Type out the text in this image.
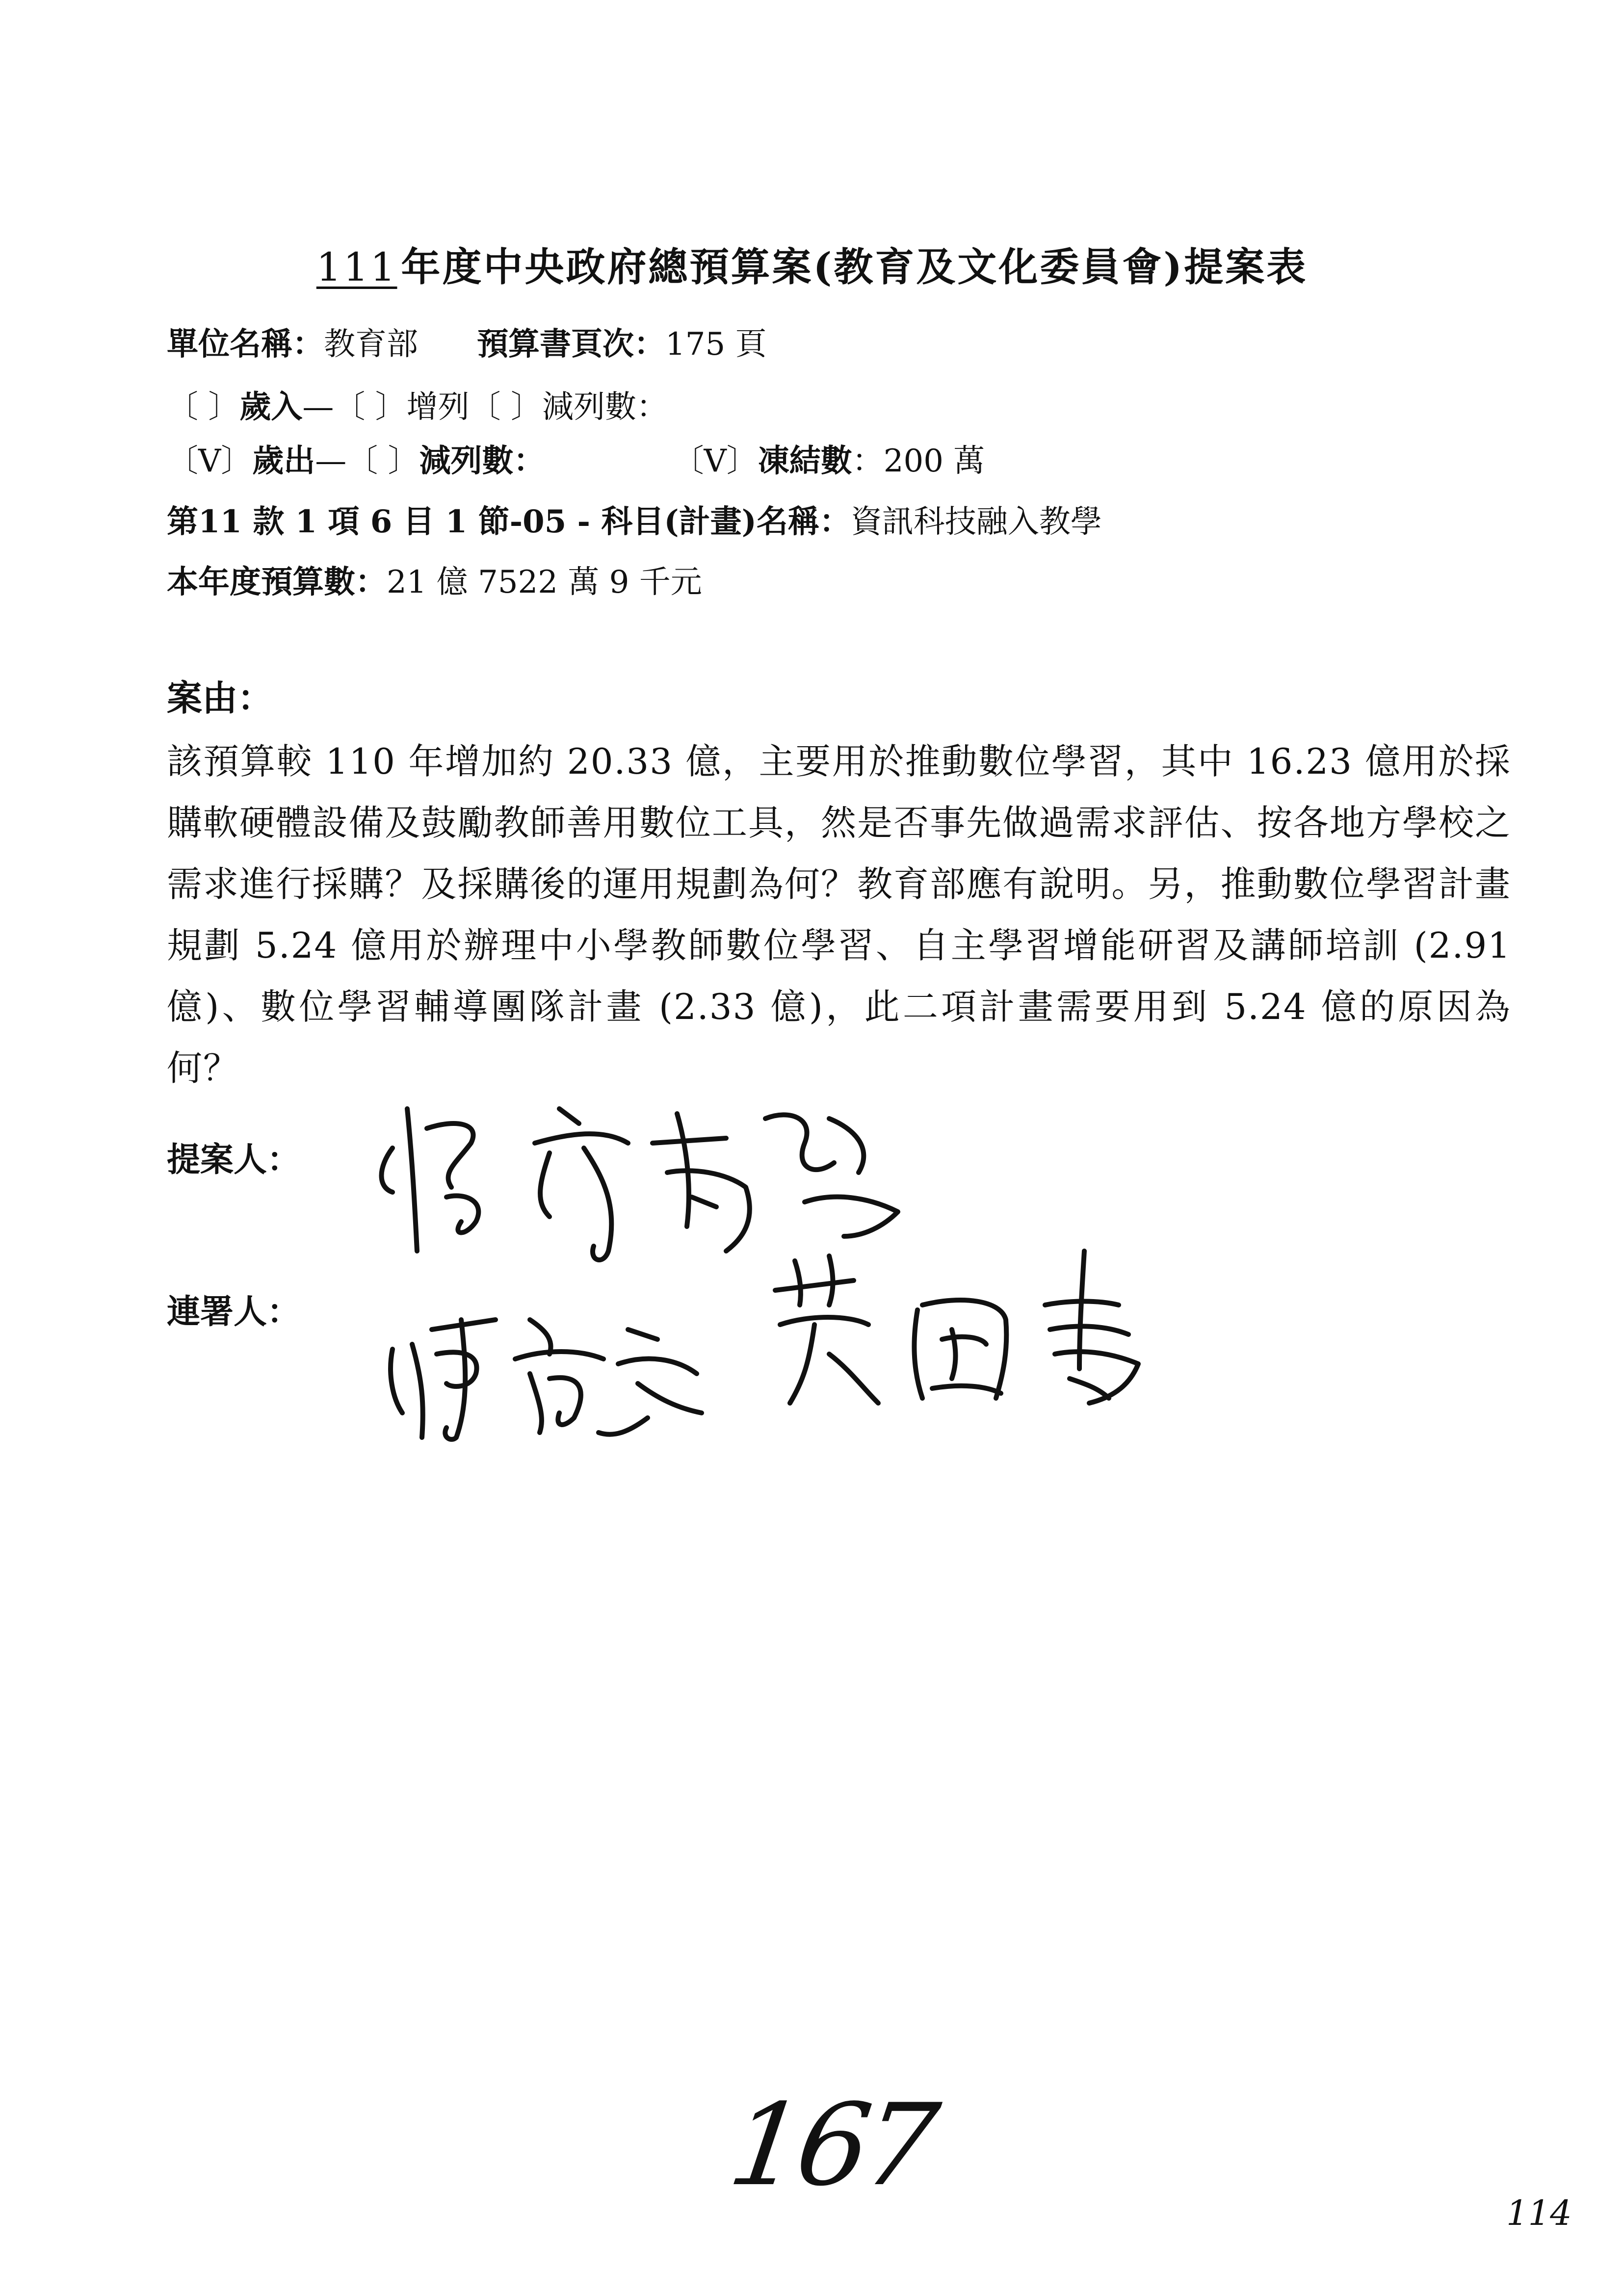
111 年度中央政府總預算案(教育及文化委員會)提案表
單位名稱：教育部 預算書頁次：175 頁
〔 〕歲入—〔 〕增列〔 〕減列數：
〔V〕歲出—〔 〕減列數：	〔V〕凍結數：200 萬
第11 款 1 項 6 目 1 節-05 - 科目(計畫)名稱：資訊科技融入教學
本年度預算數：21 億 7522 萬 9 千元
案由：
該預算較 110 年增加約 20.33 億，主要用於推動數位學習，其中 16.23 億用於採購軟硬體設備及鼓勵教師善用數位工具，然是否事先做過需求評估、按各地方學校之需求進行採購？及採購後的運用規劃為何？教育部應有說明。另，推動數位學習計畫規劃 5.24 億用於辦理中小學教師數位學習、自主學習增能研習及講師培訓 (2.91 億)、數位學習輔導團隊計畫 (2.33 億)，此二項計畫需要用到 5.24 億的原因為何？
提案人：
連署人：
167
114
